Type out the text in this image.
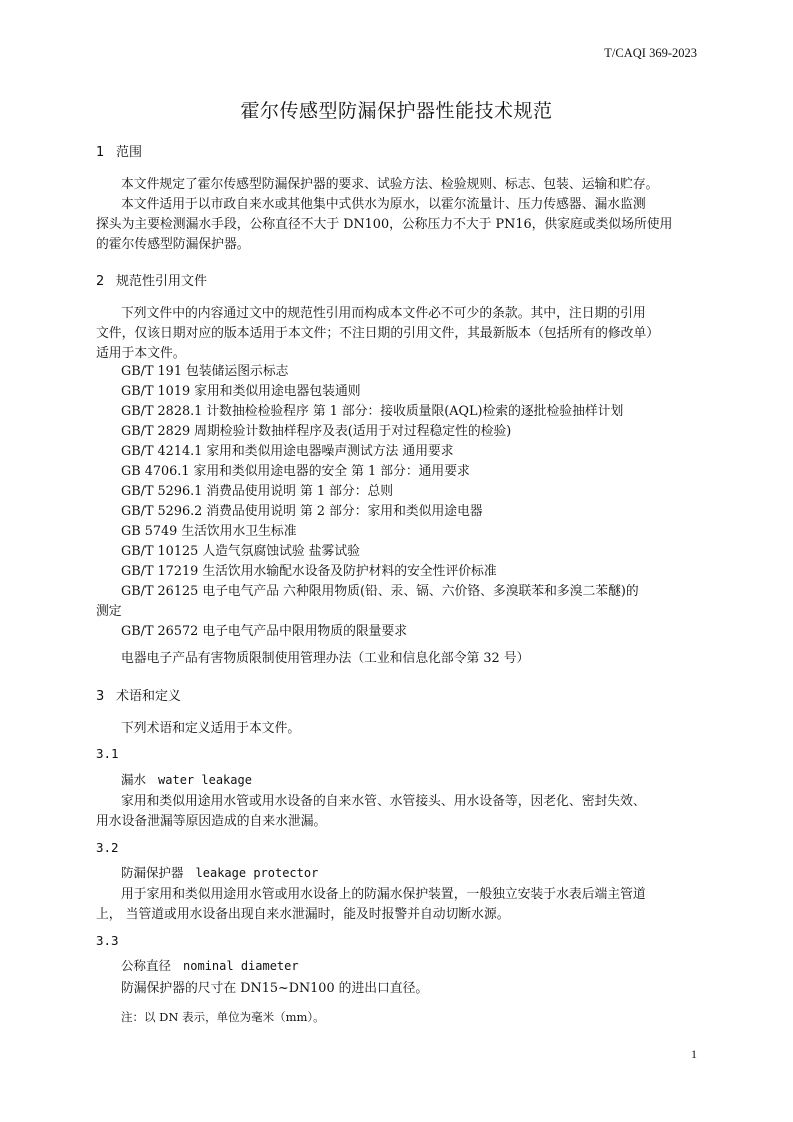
T/CAQI 369-2023
霍尔传感型防漏保护器性能技术规范
1 范围
本文件规定了霍尔传感型防漏保护器的要求、试验方法、检验规则、标志、包装、运输和贮存。
本文件适用于以市政自来水或其他集中式供水为原水，以霍尔流量计、压力传感器、漏水监测
探头为主要检测漏水手段，公称直径不大于 DN100，公称压力不大于 PN16，供家庭或类似场所使用
的霍尔传感型防漏保护器。
2 规范性引用文件
下列文件中的内容通过文中的规范性引用而构成本文件必不可少的条款。其中，注日期的引用
文件，仅该日期对应的版本适用于本文件；不注日期的引用文件，其最新版本（包括所有的修改单）
适用于本文件。
GB/T 191 包装储运图示标志
GB/T 1019 家用和类似用途电器包装通则
GB/T 2828.1 计数抽检检验程序 第 1 部分：接收质量限(AQL)检索的逐批检验抽样计划
GB/T 2829 周期检验计数抽样程序及表(适用于对过程稳定性的检验)
GB/T 4214.1 家用和类似用途电器噪声测试方法 通用要求
GB 4706.1 家用和类似用途电器的安全 第 1 部分：通用要求
GB/T 5296.1 消费品使用说明 第 1 部分：总则
GB/T 5296.2 消费品使用说明 第 2 部分：家用和类似用途电器
GB 5749 生活饮用水卫生标准
GB/T 10125 人造气氛腐蚀试验 盐雾试验
GB/T 17219 生活饮用水输配水设备及防护材料的安全性评价标准
GB/T 26125 电子电气产品 六种限用物质(铅、汞、镉、六价铬、多溴联苯和多溴二苯醚)的
测定
GB/T 26572 电子电气产品中限用物质的限量要求
电器电子产品有害物质限制使用管理办法（工业和信息化部令第 32 号）
3 术语和定义
下列术语和定义适用于本文件。
3.1
漏水 water leakage
家用和类似用途用水管或用水设备的自来水管、水管接头、用水设备等，因老化、密封失效、
用水设备泄漏等原因造成的自来水泄漏。
3.2
防漏保护器 leakage protector
用于家用和类似用途用水管或用水设备上的防漏水保护装置，一般独立安装于水表后端主管道
上， 当管道或用水设备出现自来水泄漏时，能及时报警并自动切断水源。
3.3
公称直径 nominal diameter
防漏保护器的尺寸在 DN15~DN100 的进出口直径。
注：以 DN 表示，单位为毫米（mm）。
1
